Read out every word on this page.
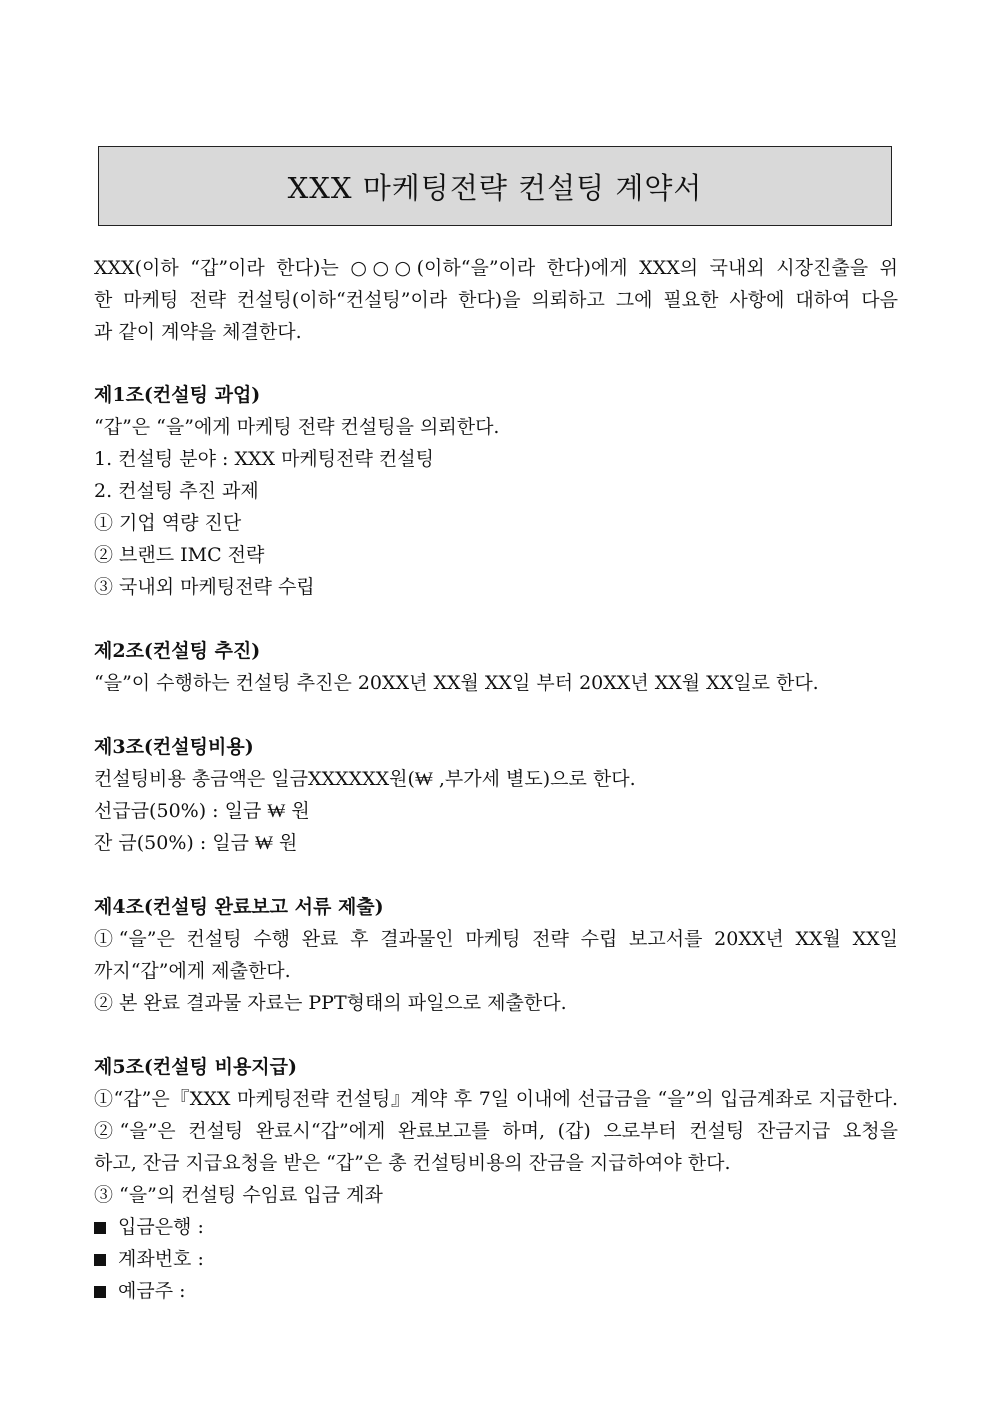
XXX 마케팅전략 컨설팅 계약서
XXX(이하 “갑”이라 한다)는 ○○○(이하“을”이라 한다)에게 XXX의 국내외 시장진출을 위
한 마케팅 전략 컨설팅(이하“컨설팅”이라 한다)을 의뢰하고 그에 필요한 사항에 대하여 다음
과 같이 계약을 체결한다.
제1조(컨설팅 과업)
“갑”은 “을”에게 마케팅 전략 컨설팅을 의뢰한다.
1. 컨설팅 분야 : XXX 마케팅전략 컨설팅
2. 컨설팅 추진 과제
① 기업 역량 진단
② 브랜드 IMC 전략
③ 국내외 마케팅전략 수립
제2조(컨설팅 추진)
“을”이 수행하는 컨설팅 추진은 20XX년 XX월 XX일 부터 20XX년 XX월 XX일로 한다.
제3조(컨설팅비용)
컨설팅비용 총금액은 일금XXXXXX원(₩ ,부가세 별도)으로 한다.
선급금(50%) : 일금 ₩ 원
잔 금(50%) : 일금 ₩ 원
제4조(컨설팅 완료보고 서류 제출)
①“을”은 컨설팅 수행 완료 후 결과물인 마케팅 전략 수립 보고서를 20XX년 XX월 XX일
까지“갑”에게 제출한다.
② 본 완료 결과물 자료는 PPT형태의 파일으로 제출한다.
제5조(컨설팅 비용지급)
①“갑”은『XXX 마케팅전략 컨설팅』계약 후 7일 이내에 선급금을 “을”의 입금계좌로 지급한다.
②“을”은 컨설팅 완료시“갑”에게 완료보고를 하며, (갑) 으로부터 컨설팅 잔금지급 요청을
하고, 잔금 지급요청을 받은 “갑”은 총 컨설팅비용의 잔금을 지급하여야 한다.
③ “을”의 컨설팅 수임료 입금 계좌
입금은행 :
계좌번호 :
예금주 :
